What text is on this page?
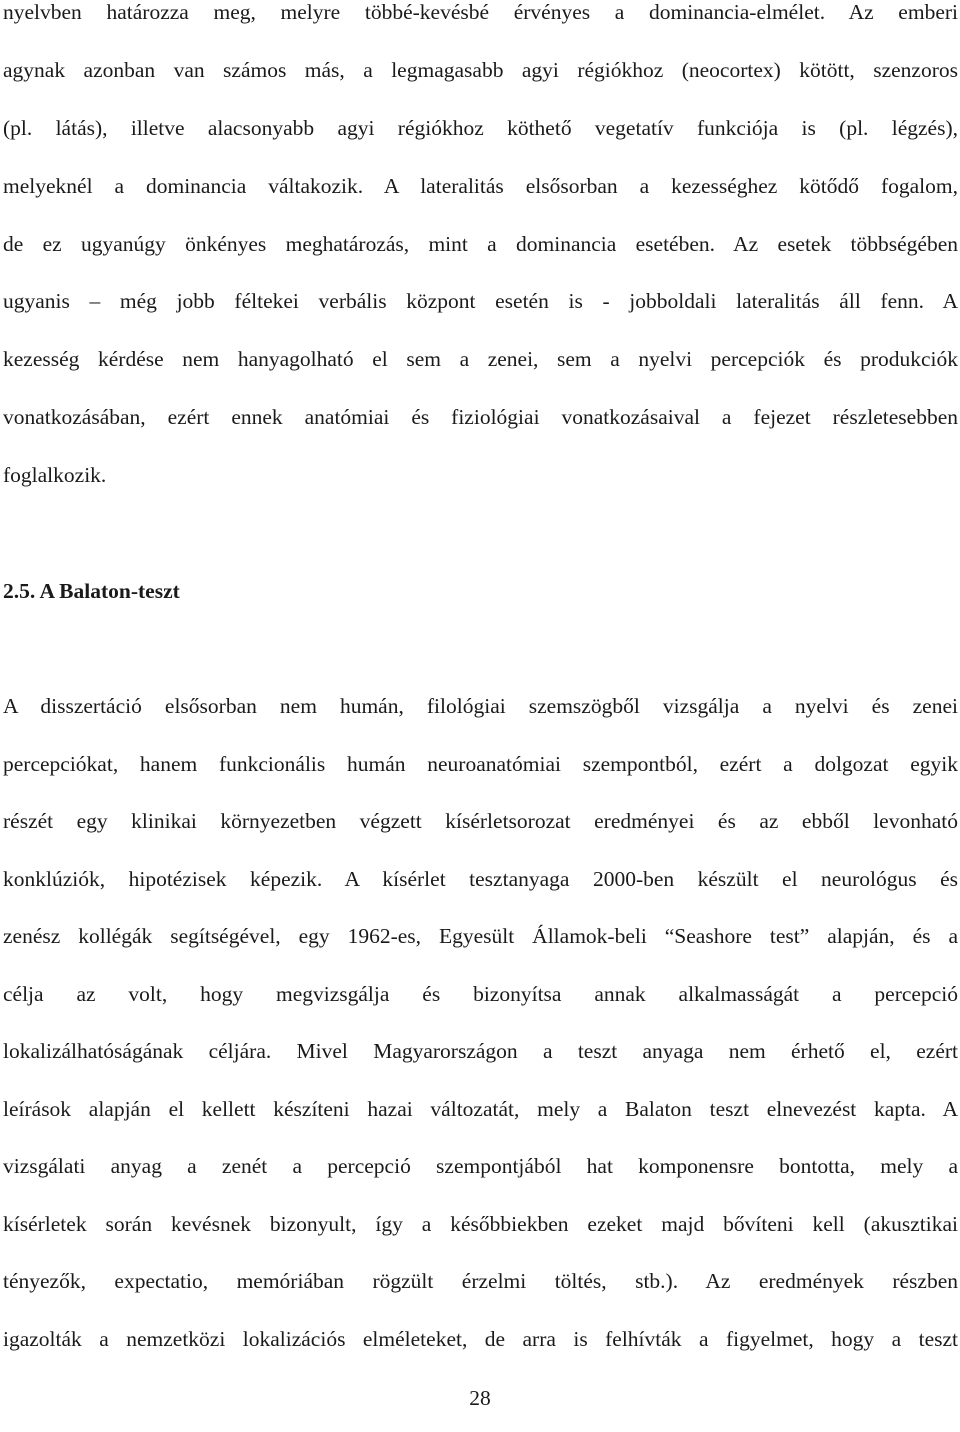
nyelvben határozza meg, melyre többé-kevésbé érvényes a dominancia-elmélet. Az emberi
agynak azonban van számos más, a legmagasabb agyi régiókhoz (neocortex) kötött, szenzoros
(pl. látás), illetve alacsonyabb agyi régiókhoz köthető vegetatív funkciója is (pl. légzés),
melyeknél a dominancia váltakozik. A lateralitás elsősorban a kezességhez kötődő fogalom,
de ez ugyanúgy önkényes meghatározás, mint a dominancia esetében. Az esetek többségében
ugyanis – még jobb féltekei verbális központ esetén is - jobboldali lateralitás áll fenn. A
kezesség kérdése nem hanyagolható el sem a zenei, sem a nyelvi percepciók és produkciók
vonatkozásában, ezért ennek anatómiai és fiziológiai vonatkozásaival a fejezet részletesebben
foglalkozik.
2.5. A Balaton-teszt
A disszertáció elsősorban nem humán, filológiai szemszögből vizsgálja a nyelvi és zenei
percepciókat, hanem funkcionális humán neuroanatómiai szempontból, ezért a dolgozat egyik
részét egy klinikai környezetben végzett kísérletsorozat eredményei és az ebből levonható
konklúziók, hipotézisek képezik. A kísérlet tesztanyaga 2000-ben készült el neurológus és
zenész kollégák segítségével, egy 1962-es, Egyesült Államok-beli “Seashore test” alapján, és a
célja az volt, hogy megvizsgálja és bizonyítsa annak alkalmasságát a percepció
lokalizálhatóságának céljára. Mivel Magyarországon a teszt anyaga nem érhető el, ezért
leírások alapján el kellett készíteni hazai változatát, mely a Balaton teszt elnevezést kapta. A
vizsgálati anyag a zenét a percepció szempontjából hat komponensre bontotta, mely a
kísérletek során kevésnek bizonyult, így a későbbiekben ezeket majd bővíteni kell (akusztikai
tényezők, expectatio, memóriában rögzült érzelmi töltés, stb.). Az eredmények részben
igazolták a nemzetközi lokalizációs elméleteket, de arra is felhívták a figyelmet, hogy a teszt
28
